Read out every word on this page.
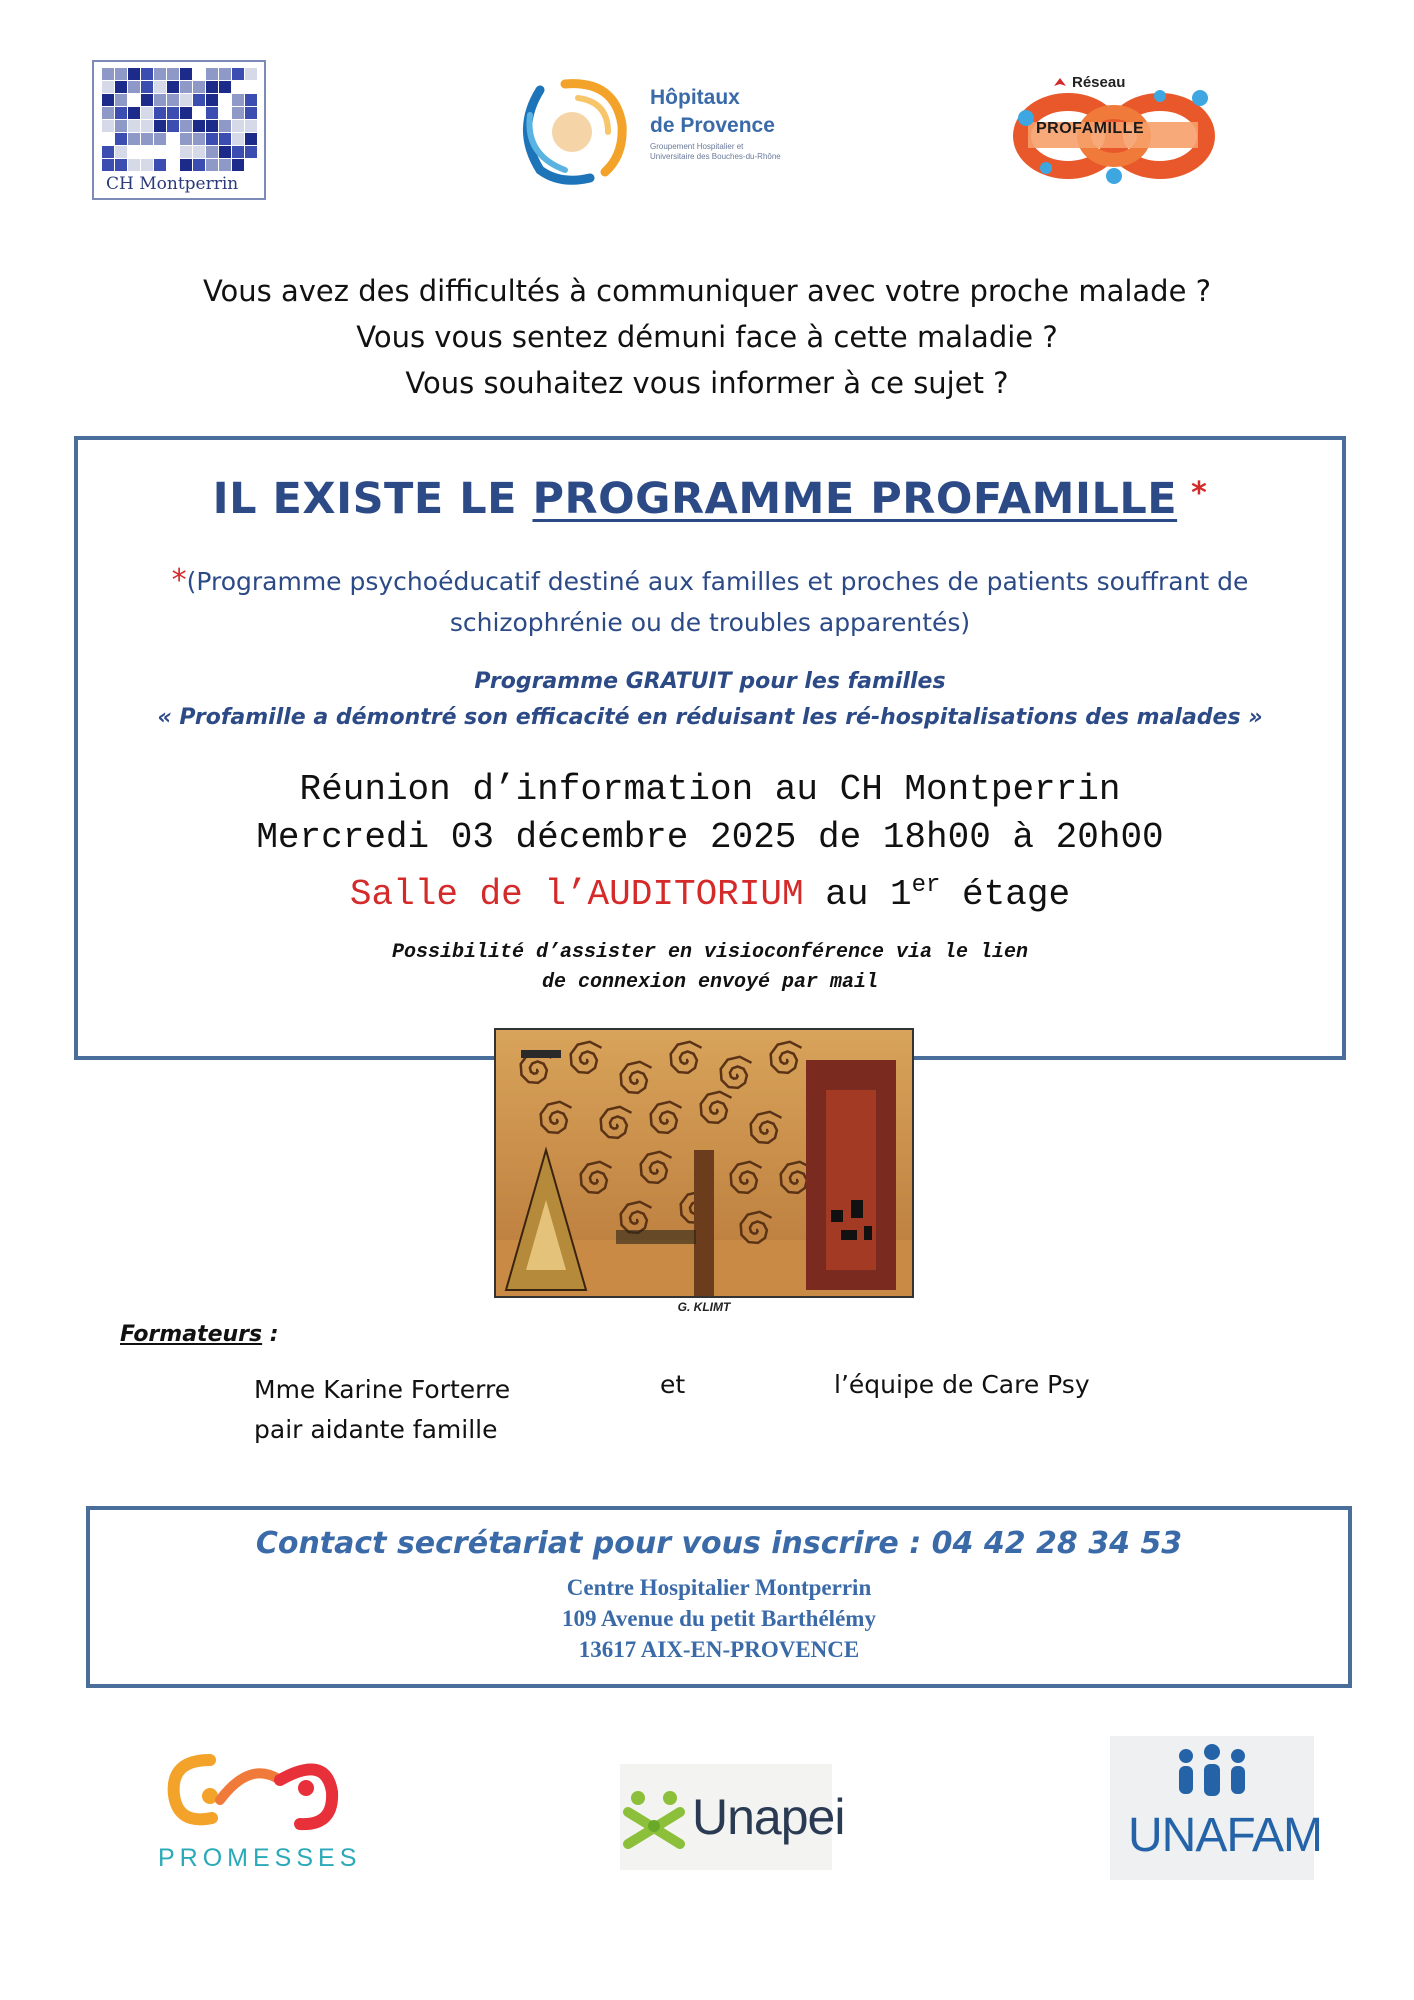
CH Montperrin
Hôpitaux
de Provence
Groupement Hospitalier et Universitaire des Bouches-du-Rhône
Réseau
PROFAMILLE
Vous avez des difficultés à communiquer avec votre proche malade ?
Vous vous sentez démuni face à cette maladie ?
Vous souhaitez vous informer à ce sujet ?
IL EXISTE LE PROGRAMME PROFAMILLE *
*(Programme psychoéducatif destiné aux familles et proches de patients souffrant de schizophrénie ou de troubles apparentés)
Programme GRATUIT pour les familles
« Profamille a démontré son efficacité en réduisant les ré-hospitalisations des malades »
Réunion d’information au CH Montperrin
Mercredi 03 décembre 2025 de 18h00 à 20h00
Salle de l’AUDITORIUM au 1er étage
Possibilité d’assister en visioconférence via le lien
de connexion envoyé par mail
G. KLIMT
Formateurs :
Mme Karine Forterre
pair aidante famille
et	l’équipe de Care Psy
Contact secrétariat pour vous inscrire : 04 42 28 34 53
Centre Hospitalier Montperrin
109 Avenue du petit Barthélémy
13617 AIX-EN-PROVENCE
PROMESSES
Unapei	UNAFAM
